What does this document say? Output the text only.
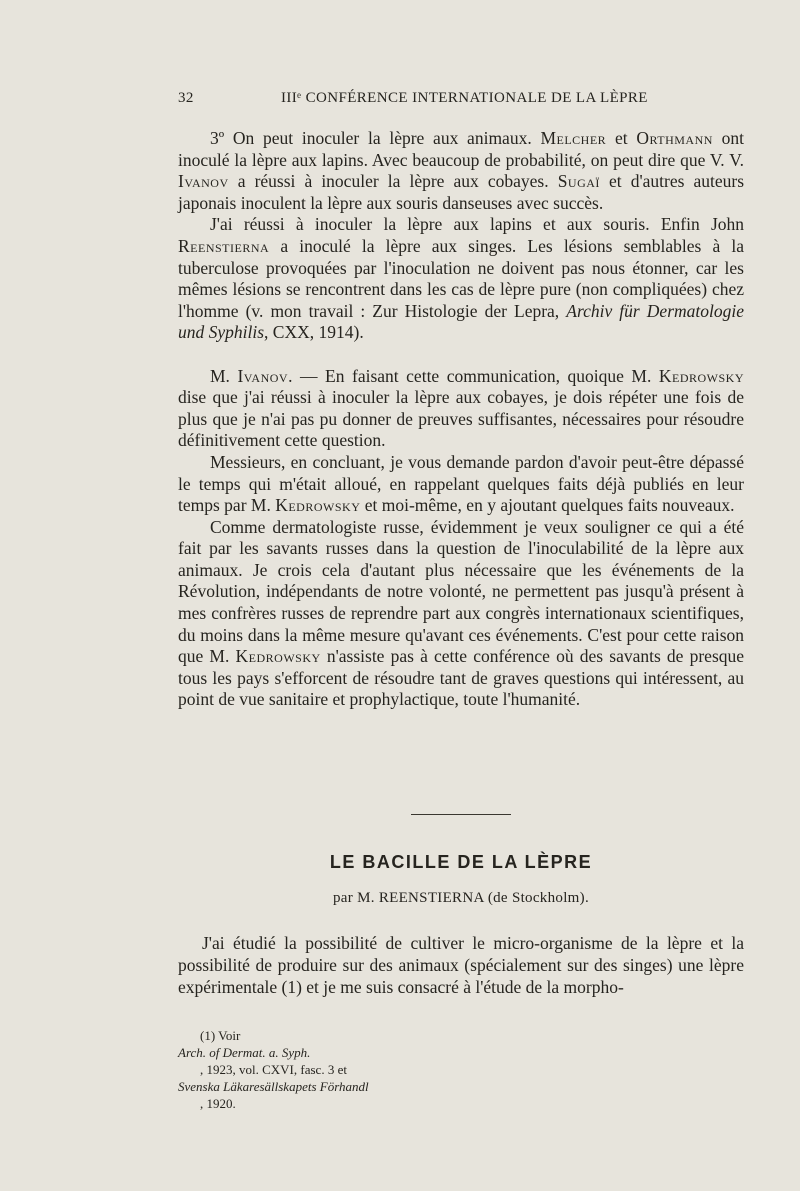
32	IIIᵉ CONFÉRENCE INTERNATIONALE DE LA LÈPRE

3º On peut inoculer la lèpre aux animaux. Melcher et Orthmann ont inoculé la lèpre aux lapins. Avec beaucoup de probabilité, on peut dire que V. V. Ivanov a réussi à inoculer la lèpre aux cobayes. Sugaï et d'autres auteurs japonais inoculent la lèpre aux souris danseuses avec succès.

J'ai réussi à inoculer la lèpre aux lapins et aux souris. Enfin John Reenstierna a inoculé la lèpre aux singes. Les lésions semblables à la tuberculose provoquées par l'inoculation ne doivent pas nous étonner, car les mêmes lésions se rencontrent dans les cas de lèpre pure (non compliquées) chez l'homme (v. mon travail : Zur Histologie der Lepra, Archiv für Dermatologie und Syphilis, CXX, 1914).

M. Ivanov. — En faisant cette communication, quoique M. Kedrowsky dise que j'ai réussi à inoculer la lèpre aux cobayes, je dois répéter une fois de plus que je n'ai pas pu donner de preuves suffisantes, nécessaires pour résoudre définitivement cette question.

Messieurs, en concluant, je vous demande pardon d'avoir peut-être dépassé le temps qui m'était alloué, en rappelant quelques faits déjà publiés en leur temps par M. Kedrowsky et moi-même, en y ajoutant quelques faits nouveaux.

Comme dermatologiste russe, évidemment je veux souligner ce qui a été fait par les savants russes dans la question de l'inoculabilité de la lèpre aux animaux. Je crois cela d'autant plus nécessaire que les événements de la Révolution, indépendants de notre volonté, ne permettent pas jusqu'à présent à mes confrères russes de reprendre part aux congrès internationaux scientifiques, du moins dans la même mesure qu'avant ces événements. C'est pour cette raison que M. Kedrowsky n'assiste pas à cette conférence où des savants de presque tous les pays s'efforcent de résoudre tant de graves questions qui intéressent, au point de vue sanitaire et prophylactique, toute l'humanité.

LE BACILLE DE LA LÈPRE
par M. REENSTIERNA (de Stockholm).

J'ai étudié la possibilité de cultiver le micro-organisme de la lèpre et la possibilité de produire sur des animaux (spécialement sur des singes) une lèpre expérimentale (1) et je me suis consacré à l'étude de la morpho-

(1) Voir
Arch. of Dermat. a. Syph.
, 1923, vol. CXVI, fasc. 3 et
Svenska Läkaresällskapets Förhandl
, 1920.
